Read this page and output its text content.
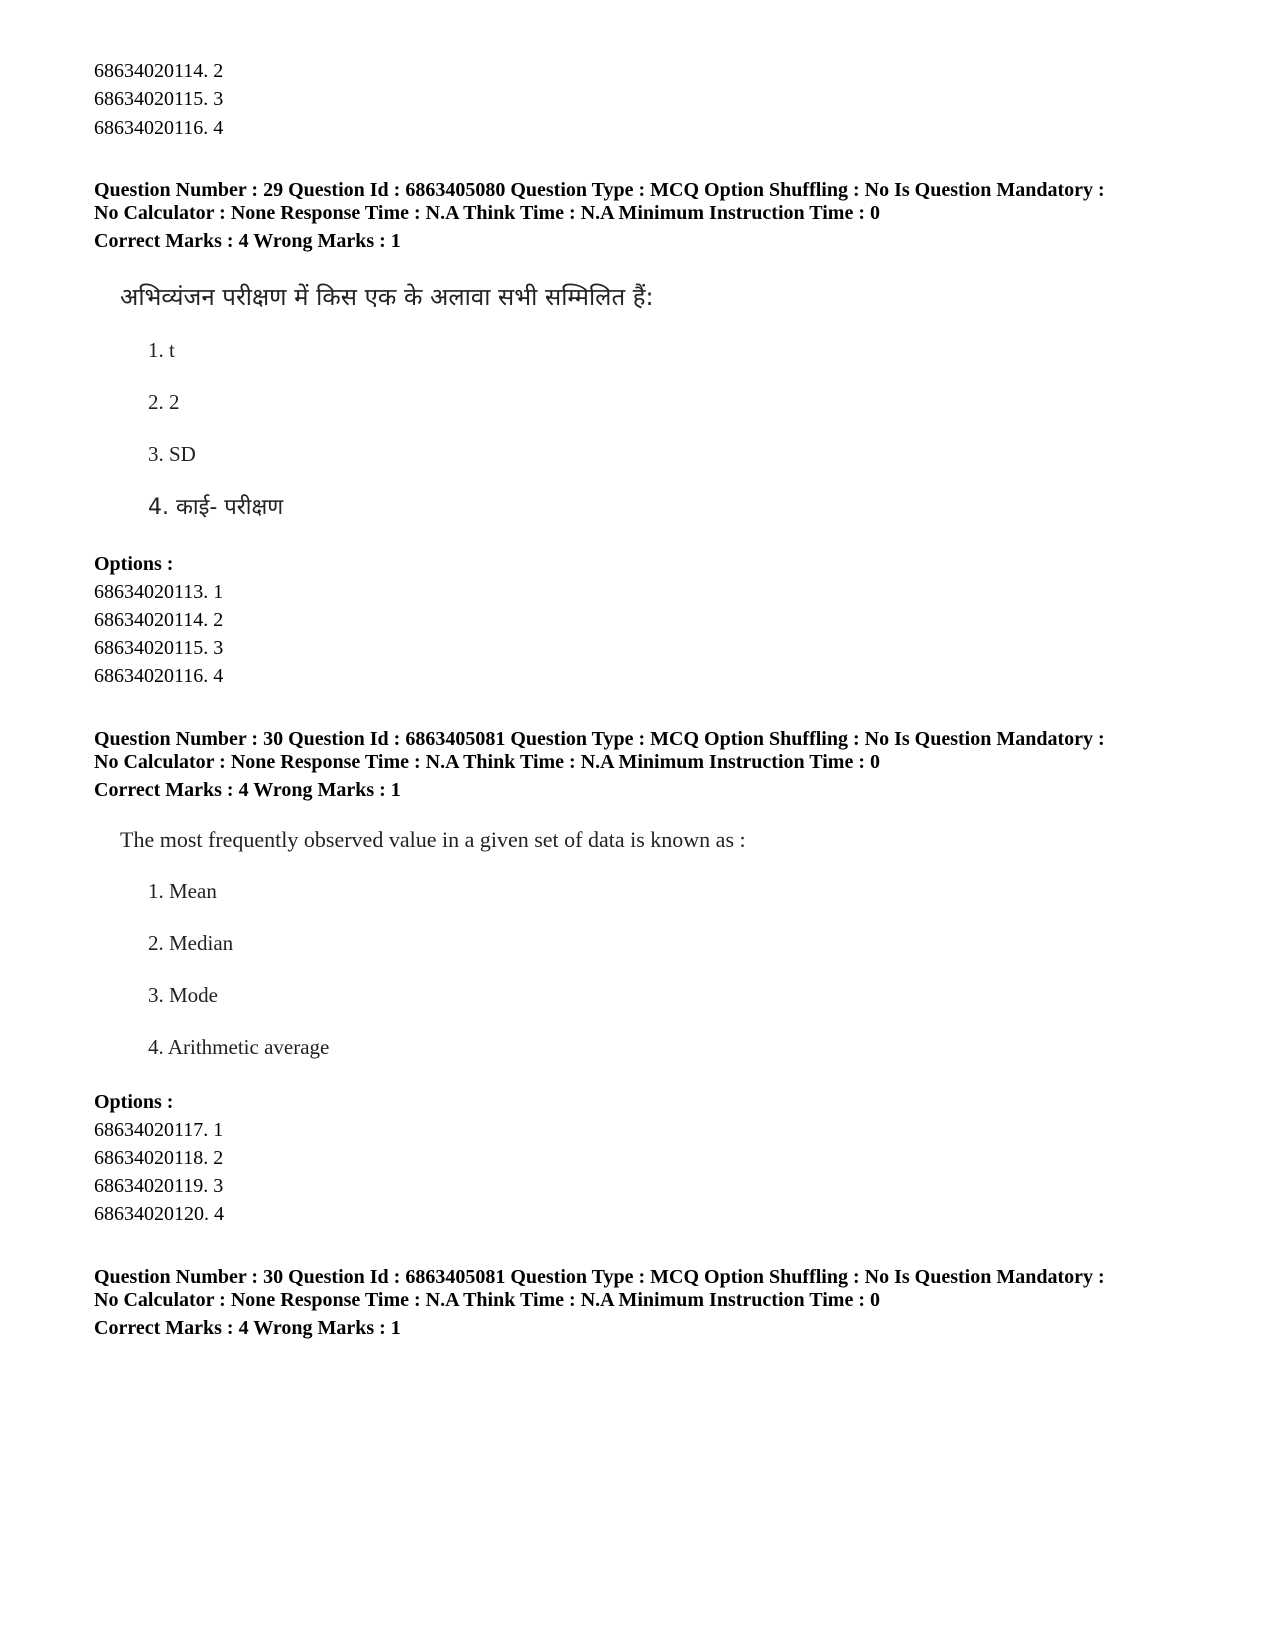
68634020114. 2
68634020115. 3
68634020116. 4
Question Number : 29 Question Id : 6863405080 Question Type : MCQ Option Shuffling : No Is Question Mandatory :
No Calculator : None Response Time : N.A Think Time : N.A Minimum Instruction Time : 0
Correct Marks : 4 Wrong Marks : 1
अभिव्यंजन परीक्षण में किस एक के अलावा सभी सम्मिलित हैं:
1. t
2. 2
3. SD
4. काई- परीक्षण
Options :
68634020113. 1
68634020114. 2
68634020115. 3
68634020116. 4
Question Number : 30 Question Id : 6863405081 Question Type : MCQ Option Shuffling : No Is Question Mandatory :
No Calculator : None Response Time : N.A Think Time : N.A Minimum Instruction Time : 0
Correct Marks : 4 Wrong Marks : 1
The most frequently observed value in a given set of data is known as :
1. Mean
2. Median
3. Mode
4. Arithmetic average
Options :
68634020117. 1
68634020118. 2
68634020119. 3
68634020120. 4
Question Number : 30 Question Id : 6863405081 Question Type : MCQ Option Shuffling : No Is Question Mandatory :
No Calculator : None Response Time : N.A Think Time : N.A Minimum Instruction Time : 0
Correct Marks : 4 Wrong Marks : 1
